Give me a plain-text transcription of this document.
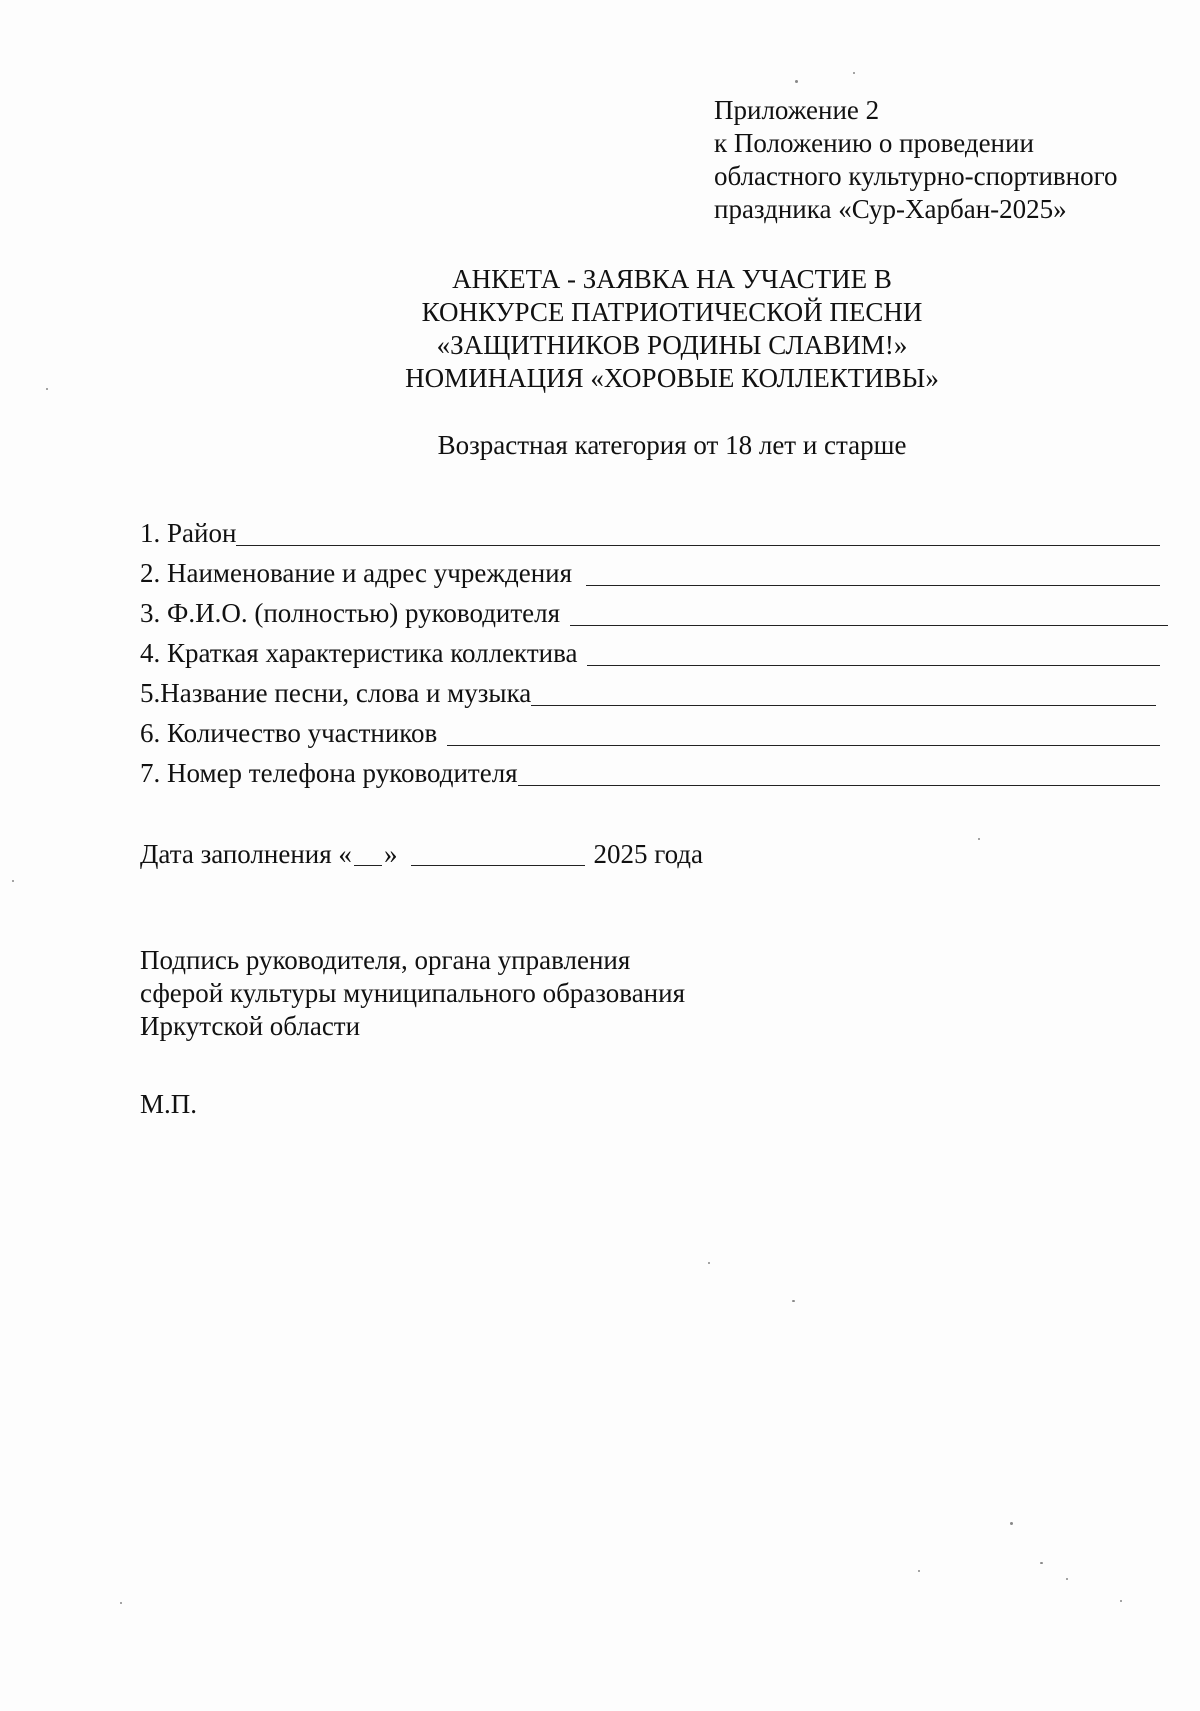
Приложение 2
к Положению о проведении
областного культурно-спортивного
праздника «Сур-Харбан-2025»
АНКЕТА - ЗАЯВКА НА УЧАСТИЕ В
КОНКУРСЕ ПАТРИОТИЧЕСКОЙ ПЕСНИ
«ЗАЩИТНИКОВ РОДИНЫ СЛАВИМ!»
НОМИНАЦИЯ «ХОРОВЫЕ КОЛЛЕКТИВЫ»
Возрастная категория от 18 лет и старше
1. Район
2. Наименование и адрес учреждения
3. Ф.И.О. (полностью) руководителя
4. Краткая характеристика коллектива
5.Название песни, слова и музыка
6. Количество участников
7. Номер телефона руководителя
Дата заполнения « »	2025 года
Подпись руководителя, органа управления
сферой культуры муниципального образования
Иркутской области
М.П.
